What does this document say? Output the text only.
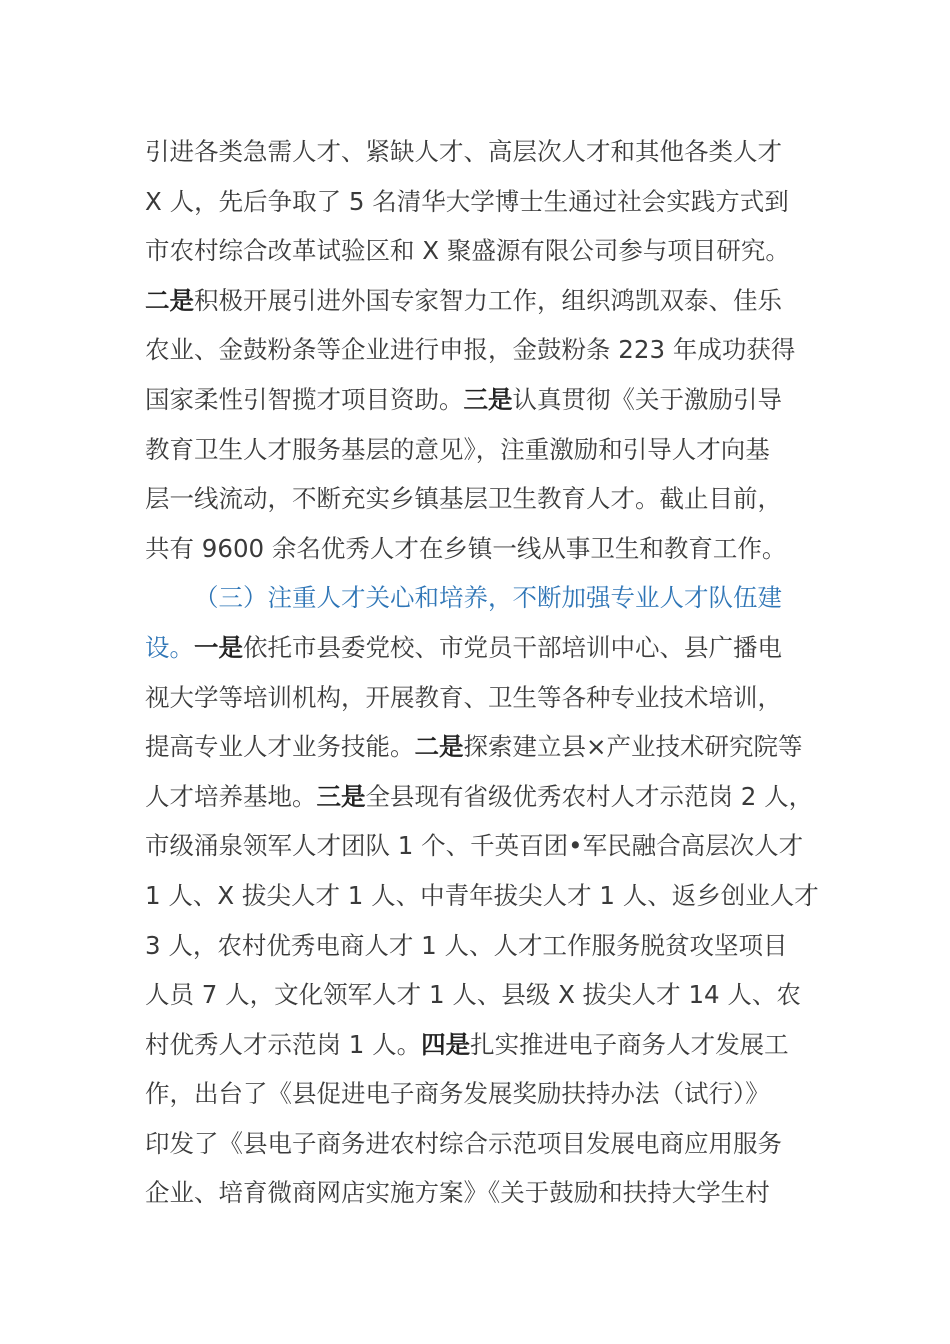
引进各类急需人才、紧缺人才、高层次人才和其他各类人才
X 人，先后争取了 5 名清华大学博士生通过社会实践方式到
市农村综合改革试验区和 X 聚盛源有限公司参与项目研究。
二是积极开展引进外国专家智力工作，组织鸿凯双泰、佳乐
农业、金鼓粉条等企业进行申报，金鼓粉条 223 年成功获得
国家柔性引智揽才项目资助。三是认真贯彻《关于激励引导
教育卫生人才服务基层的意见》，注重激励和引导人才向基
层一线流动，不断充实乡镇基层卫生教育人才。截止目前，
共有 9600 余名优秀人才在乡镇一线从事卫生和教育工作。
（三）注重人才关心和培养，不断加强专业人才队伍建
设。一是依托市县委党校、市党员干部培训中心、县广播电
视大学等培训机构，开展教育、卫生等各种专业技术培训，
提高专业人才业务技能。二是探索建立县×产业技术研究院等
人才培养基地。三是全县现有省级优秀农村人才示范岗 2 人，
市级涌泉领军人才团队 1 个、千英百团•军民融合高层次人才
1 人、X 拔尖人才 1 人、中青年拔尖人才 1 人、返乡创业人才
3 人，农村优秀电商人才 1 人、人才工作服务脱贫攻坚项目
人员 7 人，文化领军人才 1 人、县级 X 拔尖人才 14 人、农
村优秀人才示范岗 1 人。四是扎实推进电子商务人才发展工
作，出台了《县促进电子商务发展奖励扶持办法（试行）》
印发了《县电子商务进农村综合示范项目发展电商应用服务
企业、培育微商网店实施方案》《关于鼓励和扶持大学生村
